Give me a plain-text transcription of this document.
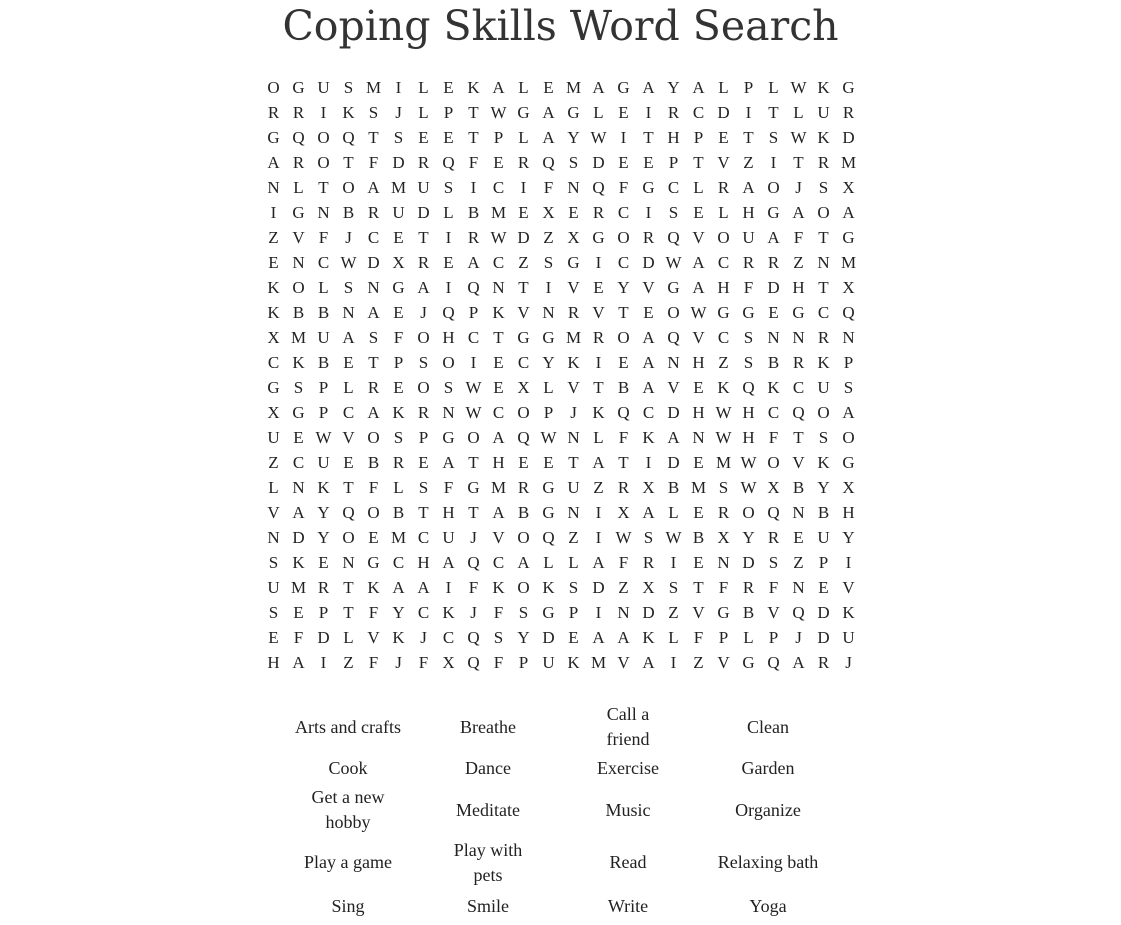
Coping Skills Word Search
O	G	U	S	M	I	L	E	K	A	L	E	M	A	G	A	Y	A	L	P	L	W	K	G
R	R	I	K	S	J	L	P	T	W	G	A	G	L	E	I	R	C	D	I	T	L	U	R
G	Q	O	Q	T	S	E	E	T	P	L	A	Y	W	I	T	H	P	E	T	S	W	K	D
A	R	O	T	F	D	R	Q	F	E	R	Q	S	D	E	E	P	T	V	Z	I	T	R	M
N	L	T	O	A	M	U	S	I	C	I	F	N	Q	F	G	C	L	R	A	O	J	S	X
I	G	N	B	R	U	D	L	B	M	E	X	E	R	C	I	S	E	L	H	G	A	O	A
Z	V	F	J	C	E	T	I	R	W	D	Z	X	G	O	R	Q	V	O	U	A	F	T	G
E	N	C	W	D	X	R	E	A	C	Z	S	G	I	C	D	W	A	C	R	R	Z	N	M
K	O	L	S	N	G	A	I	Q	N	T	I	V	E	Y	V	G	A	H	F	D	H	T	X
K	B	B	N	A	E	J	Q	P	K	V	N	R	V	T	E	O	W	G	G	E	G	C	Q
X	M	U	A	S	F	O	H	C	T	G	G	M	R	O	A	Q	V	C	S	N	N	R	N
C	K	B	E	T	P	S	O	I	E	C	Y	K	I	E	A	N	H	Z	S	B	R	K	P
G	S	P	L	R	E	O	S	W	E	X	L	V	T	B	A	V	E	K	Q	K	C	U	S
X	G	P	C	A	K	R	N	W	C	O	P	J	K	Q	C	D	H	W	H	C	Q	O	A
U	E	W	V	O	S	P	G	O	A	Q	W	N	L	F	K	A	N	W	H	F	T	S	O
Z	C	U	E	B	R	E	A	T	H	E	E	T	A	T	I	D	E	M	W	O	V	K	G
L	N	K	T	F	L	S	F	G	M	R	G	U	Z	R	X	B	M	S	W	X	B	Y	X
V	A	Y	Q	O	B	T	H	T	A	B	G	N	I	X	A	L	E	R	O	Q	N	B	H
N	D	Y	O	E	M	C	U	J	V	O	Q	Z	I	W	S	W	B	X	Y	R	E	U	Y
S	K	E	N	G	C	H	A	Q	C	A	L	L	A	F	R	I	E	N	D	S	Z	P	I
U	M	R	T	K	A	A	I	F	K	O	K	S	D	Z	X	S	T	F	R	F	N	E	V
S	E	P	T	F	Y	C	K	J	F	S	G	P	I	N	D	Z	V	G	B	V	Q	D	K
E	F	D	L	V	K	J	C	Q	S	Y	D	E	A	A	K	L	F	P	L	P	J	D	U
H	A	I	Z	F	J	F	X	Q	F	P	U	K	M	V	A	I	Z	V	G	Q	A	R	J
Arts and crafts	Breathe	Call a friend	Clean
Cook	Dance	Exercise	Garden
Get a new hobby	Meditate	Music	Organize
Play a game	Play with pets	Read	Relaxing bath
Sing	Smile	Write	Yoga
